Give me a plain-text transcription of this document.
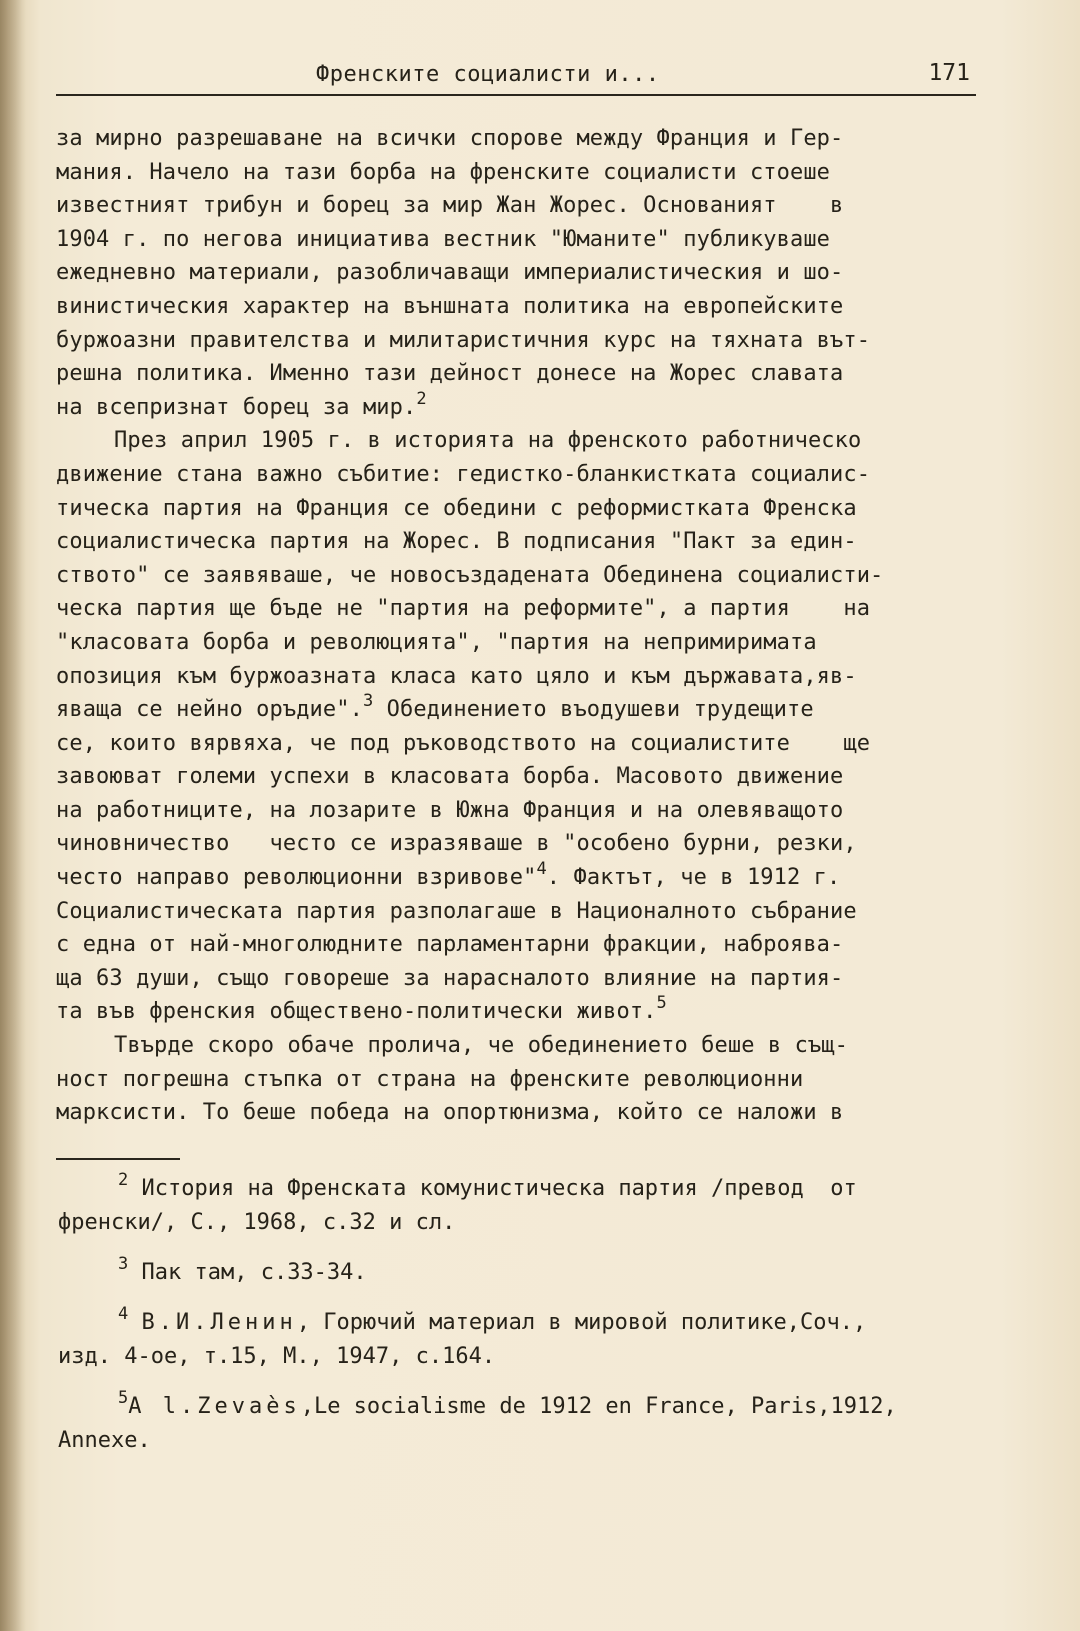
Френските социалисти и...	171
за мирно разрешаване на всички спорове между Франция и Гер-
мания. Начело на тази борба на френските социалисти стоеше
известният трибун и борец за мир Жан Жорес. Основаният    в
1904 г. по негова инициатива вестник "Юманите" публикуваше
ежедневно материали, разобличаващи империалистическия и шо-
винистическия характер на външната политика на европейските
буржоазни правителства и милитаристичния курс на тяхната вът-
решна политика. Именно тази дейност донесе на Жорес славата
на всепризнат борец за мир.$^2$
През април 1905 г. в историята на френското работническо
движение стана важно събитие: гедистко-бланкистката социалис-
тическа партия на Франция се обедини с реформистката Френска
социалистическа партия на Жорес. В подписания "Пакт за един-
ството" се заявяваше, че новосъздадената Обединена социалисти-
ческа партия ще бъде не "партия на реформите", а партия    на
"класовата борба и революцията", "партия на непримиримата
опозиция към буржоазната класа като цяло и към държавата,яв-
яваща се нейно оръдие".$^3$ Обединението въодушеви трудещите
се, които вярвяха, че под ръководството на социалистите    ще
завоюват големи успехи в класовата борба. Масовото движение
на работниците, на лозарите в Южна Франция и на олевяващото
чиновничество   често се изразяваше в "особено бурни, резки,
често направо революционни взривове"$^4$. Фактът, че в 1912 г.
Социалистическата партия разполагаше в Националното събрание
с една от най-многолюдните парламентарни фракции, наброява-
ща 63 души, също говореше за нарасналото влияние на партия-
та във френския обществено-политически живот.$^5$
Твърде скоро обаче пролича, че обединението беше в същ-
ност погрешна стъпка от страна на френските революционни
марксисти. То беше победа на опортюнизма, който се наложи в
$^2$ История на Френската комунистическа партия /превод  от
френски/, С., 1968, с.32 и сл.
$^3$ Пак там, с.33-34.
$^4$ В.И.Ленин, Горючий материал в мировой политике,Соч.,
изд. 4-ое, т.15, М., 1947, с.164.
$^5$A l.Zevaès,Le socialisme de 1912 en France, Paris,1912,
Annexe.
